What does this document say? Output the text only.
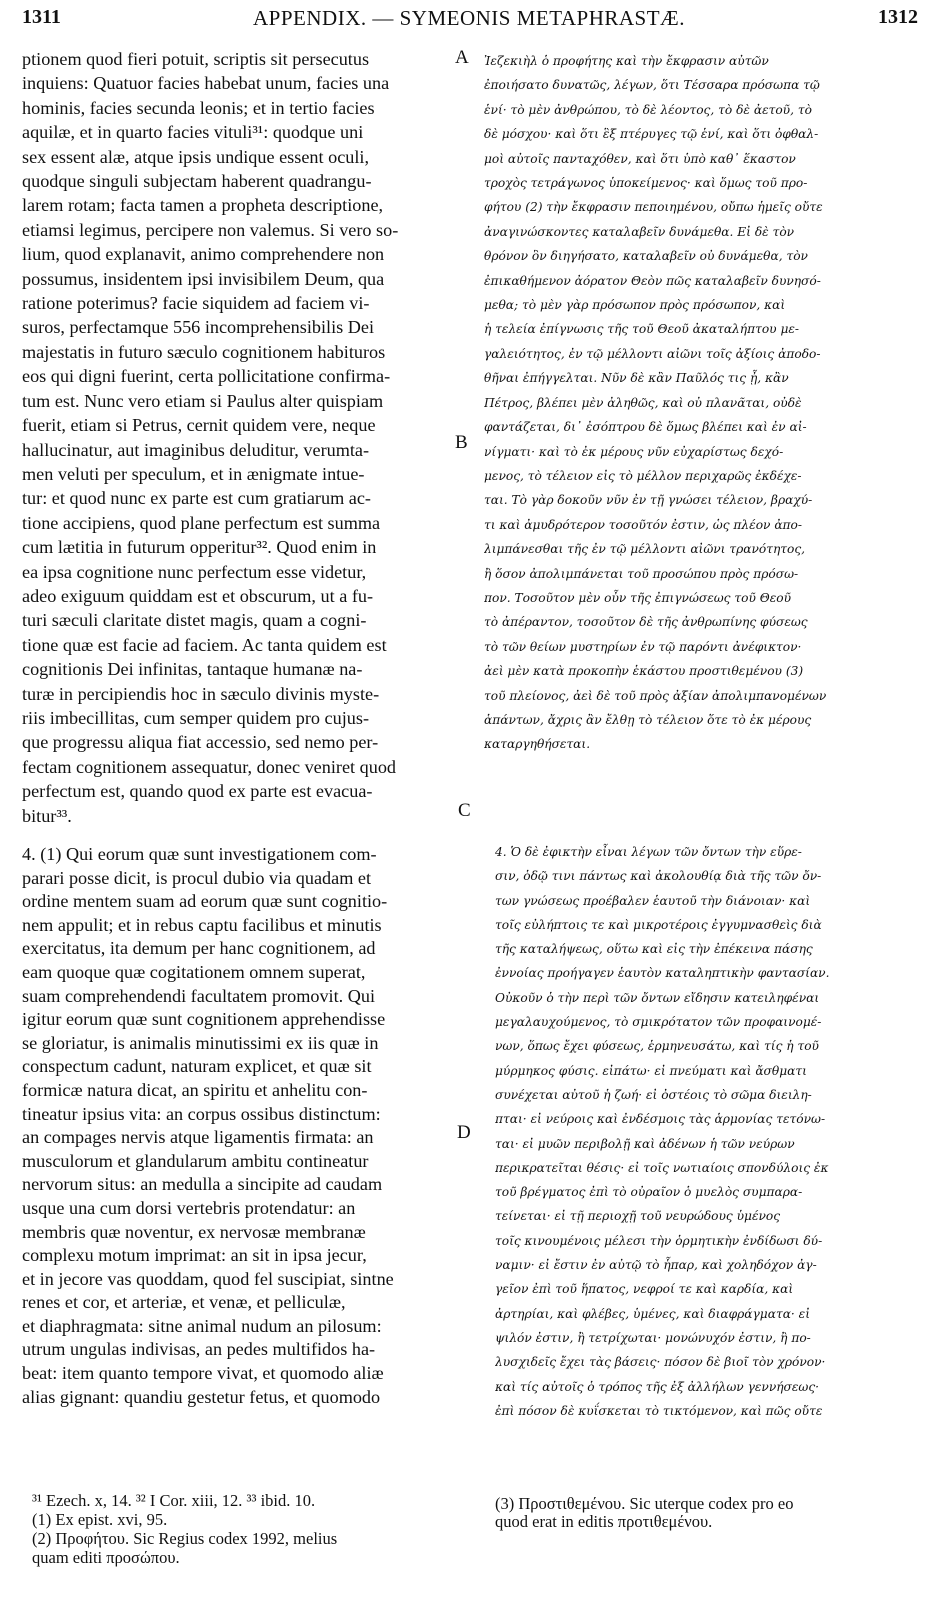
APPENDIX. — SYMEONIS METAPHRASTÆ.
1311	1312
A
B
C
D
ptionem quod fieri potuit, scriptis sit persecutus
inquiens: Quatuor facies habebat unum, facies una
hominis, facies secunda leonis; et in tertio facies
aquilæ, et in quarto facies vituli³¹: quodque uni
sex essent alæ, atque ipsis undique essent oculi,
quodque singuli subjectam haberent quadrangu-
larem rotam; facta tamen a propheta descriptione,
etiamsi legimus, percipere non valemus. Si vero so-
lium, quod explanavit, animo comprehendere non
possumus, insidentem ipsi invisibilem Deum, qua
ratione poterimus? facie siquidem ad faciem vi-
suros, perfectamque 556 incomprehensibilis Dei
majestatis in futuro sæculo cognitionem habituros
eos qui digni fuerint, certa pollicitatione confirma-
tum est. Nunc vero etiam si Paulus alter quispiam
fuerit, etiam si Petrus, cernit quidem vere, neque
hallucinatur, aut imaginibus deluditur, verumta-
men veluti per speculum, et in ænigmate intue-
tur: et quod nunc ex parte est cum gratiarum ac-
tione accipiens, quod plane perfectum est summa
cum lætitia in futurum opperitur³². Quod enim in
ea ipsa cognitione nunc perfectum esse videtur,
adeo exiguum quiddam est et obscurum, ut a fu-
turi sæculi claritate distet magis, quam a cogni-
tione quæ est facie ad faciem. Ac tanta quidem est
cognitionis Dei infinitas, tantaque humanæ na-
turæ in percipiendis hoc in sæculo divinis myste-
riis imbecillitas, cum semper quidem pro cujus-
que progressu aliqua fiat accessio, sed nemo per-
fectam cognitionem assequatur, donec veniret quod
perfectum est, quando quod ex parte est evacua-
bitur³³.
Ἰεζεκιὴλ ὁ προφήτης καὶ τὴν ἔκφρασιν αὐτῶν
ἐποιήσατο δυνατῶς, λέγων, ὅτι Τέσσαρα πρόσωπα τῷ
ἑνί· τὸ μὲν ἀνθρώπου, τὸ δὲ λέοντος, τὸ δὲ ἀετοῦ, τὸ
δὲ μόσχου· καὶ ὅτι ἓξ πτέρυγες τῷ ἑνί, καὶ ὅτι ὀφθαλ-
μοὶ αὐτοῖς πανταχόθεν, καὶ ὅτι ὑπὸ καθ᾽ ἕκαστον
τροχὸς τετράγωνος ὑποκείμενος· καὶ ὅμως τοῦ προ-
φήτου (2) τὴν ἔκφρασιν πεποιημένου, οὔπω ἡμεῖς οὔτε
ἀναγινώσκοντες καταλαβεῖν δυνάμεθα. Εἰ δὲ τὸν
θρόνον ὃν διηγήσατο, καταλαβεῖν οὐ δυνάμεθα, τὸν
ἐπικαθήμενον ἀόρατον Θεὸν πῶς καταλαβεῖν δυνησό-
μεθα; τὸ μὲν γὰρ πρόσωπον πρὸς πρόσωπον, καὶ
ἡ τελεία ἐπίγνωσις τῆς τοῦ Θεοῦ ἀκαταλήπτου με-
γαλειότητος, ἐν τῷ μέλλοντι αἰῶνι τοῖς ἀξίοις ἀποδο-
θῆναι ἐπήγγελται. Νῦν δὲ κἂν Παῦλός τις ᾖ, κἂν
Πέτρος, βλέπει μὲν ἀληθῶς, καὶ οὐ πλανᾶται, οὐδὲ
φαντάζεται, δι᾽ ἐσόπτρου δὲ ὅμως βλέπει καὶ ἐν αἰ-
νίγματι· καὶ τὸ ἐκ μέρους νῦν εὐχαρίστως δεχό-
μενος, τὸ τέλειον εἰς τὸ μέλλον περιχαρῶς ἐκδέχε-
ται. Τὸ γὰρ δοκοῦν νῦν ἐν τῇ γνώσει τέλειον, βραχύ-
τι καὶ ἀμυδρότερον τοσοῦτόν ἐστιν, ὡς πλέον ἀπο-
λιμπάνεσθαι τῆς ἐν τῷ μέλλοντι αἰῶνι τρανότητος,
ἢ ὅσον ἀπολιμπάνεται τοῦ προσώπου πρὸς πρόσω-
πον. Τοσοῦτον μὲν οὖν τῆς ἐπιγνώσεως τοῦ Θεοῦ
τὸ ἀπέραντον, τοσοῦτον δὲ τῆς ἀνθρωπίνης φύσεως
τὸ τῶν θείων μυστηρίων ἐν τῷ παρόντι ἀνέφικτον·
ἀεὶ μὲν κατὰ προκοπὴν ἑκάστου προστιθεμένου (3)
τοῦ πλείονος, ἀεὶ δὲ τοῦ πρὸς ἀξίαν ἀπολιμπανομένων
ἁπάντων, ἄχρις ἂν ἔλθῃ τὸ τέλειον ὅτε τὸ ἐκ μέρους
καταργηθήσεται.
4. (1) Qui eorum quæ sunt investigationem com-
parari posse dicit, is procul dubio via quadam et
ordine mentem suam ad eorum quæ sunt cognitio-
nem appulit; et in rebus captu facilibus et minutis
exercitatus, ita demum per hanc cognitionem, ad
eam quoque quæ cogitationem omnem superat,
suam comprehendendi facultatem promovit. Qui
igitur eorum quæ sunt cognitionem apprehendisse
se gloriatur, is animalis minutissimi ex iis quæ in
conspectum cadunt, naturam explicet, et quæ sit
formicæ natura dicat, an spiritu et anhelitu con-
tineatur ipsius vita: an corpus ossibus distinctum:
an compages nervis atque ligamentis firmata: an
musculorum et glandularum ambitu contineatur
nervorum situs: an medulla a sincipite ad caudam
usque una cum dorsi vertebris protendatur: an
membris quæ noventur, ex nervosæ membranæ
complexu motum imprimat: an sit in ipsa jecur,
et in jecore vas quoddam, quod fel suscipiat, sintne
renes et cor, et arteriæ, et venæ, et pelliculæ,
et diaphragmata: sitne animal nudum an pilosum:
utrum ungulas indivisas, an pedes multifidos ha-
beat: item quanto tempore vivat, et quomodo aliæ
alias gignant: quandiu gestetur fetus, et quomodo
4. Ὁ δὲ ἐφικτὴν εἶναι λέγων τῶν ὄντων τὴν εὕρε-
σιν, ὁδῷ τινι πάντως καὶ ἀκολουθίᾳ διὰ τῆς τῶν ὄν-
των γνώσεως προέβαλεν ἑαυτοῦ τὴν διάνοιαν· καὶ
τοῖς εὐλήπτοις τε καὶ μικροτέροις ἐγγυμνασθεὶς διὰ
τῆς καταλήψεως, οὕτω καὶ εἰς τὴν ἐπέκεινα πάσης
ἐννοίας προήγαγεν ἑαυτὸν καταληπτικὴν φαντασίαν.
Οὐκοῦν ὁ τὴν περὶ τῶν ὄντων εἴδησιν κατειληφέναι
μεγαλαυχούμενος, τὸ σμικρότατον τῶν προφαινομέ-
νων, ὅπως ἔχει φύσεως, ἑρμηνευσάτω, καὶ τίς ἡ τοῦ
μύρμηκος φύσις. εἰπάτω· εἰ πνεύματι καὶ ἄσθματι
συνέχεται αὐτοῦ ἡ ζωή· εἰ ὀστέοις τὸ σῶμα διειλη-
πται· εἰ νεύροις καὶ ἐνδέσμοις τὰς ἁρμονίας τετόνω-
ται· εἰ μυῶν περιβολῇ καὶ ἀδένων ἡ τῶν νεύρων
περικρατεῖται θέσις· εἰ τοῖς νωτιαίοις σπονδύλοις ἐκ
τοῦ βρέγματος ἐπὶ τὸ οὐραῖον ὁ μυελὸς συμπαρα-
τείνεται· εἰ τῇ περιοχῇ τοῦ νευρώδους ὑμένος
τοῖς κινουμένοις μέλεσι τὴν ὁρμητικὴν ἐνδίδωσι δύ-
ναμιν· εἰ ἔστιν ἐν αὐτῷ τὸ ἧπαρ, καὶ χοληδόχον ἀγ-
γεῖον ἐπὶ τοῦ ἥπατος, νεφροί τε καὶ καρδία, καὶ
ἀρτηρίαι, καὶ φλέβες, ὑμένες, καὶ διαφράγματα· εἰ
ψιλόν ἐστιν, ἢ τετρίχωται· μονώνυχόν ἐστιν, ἢ πο-
λυσχιδεῖς ἔχει τὰς βάσεις· πόσον δὲ βιοῖ τὸν χρόνον·
καὶ τίς αὐτοῖς ὁ τρόπος τῆς ἐξ ἀλλήλων γεννήσεως·
ἐπὶ πόσον δὲ κυΐσκεται τὸ τικτόμενον, καὶ πῶς οὔτε
³¹ Ezech. x, 14. ³² I Cor. xiii, 12. ³³ ibid. 10.
(1) Ex epist. xvi, 95.
(2) Προφήτου. Sic Regius codex 1992, melius
quam editi προσώπου.
(3) Προστιθεμένου. Sic uterque codex pro eo
quod erat in editis προτιθεμένου.
